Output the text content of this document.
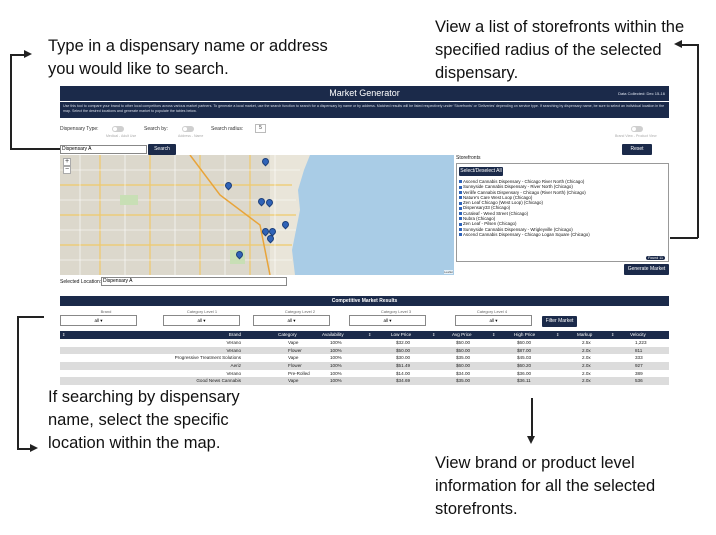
Type in a dispensary name or address you would like to search.
View a list of storefronts within the specified radius of the selected dispensary.
If searching by dispensary name, select the specific location within the map.
View brand or product level information for all the selected storefronts.
Market Generator	Data Collected: Dec 15-16
Use this tool to compare your brand to other local competitors across various market partners. To generate a local market, use the search function to search for a dispensary by name or by address. Matched results will be listed respectively under 'Storefronts' or 'Deliveries' depending on service type. If searching by dispensary name, be sure to select an individual location in the map. Select the desired locations and generate market to populate the tables below.
Dispensary Type:
Medical - Adult Use
Search by:
Address - Name
Search radius:	5
Brand View - Product View
Dispensary A	Search	Reset
+
−
Leaflet
Storefronts
Select/Deselect All
Ascend Cannabis Dispensary - Chicago River North (Chicago)
Sunnyside Cannabis Dispensary - River North (Chicago)
Verilife Cannabis Dispensary - Chicago (River North) (Chicago)
Nature's Care West Loop (Chicago)
Zen Leaf Chicago (West Loop) (Chicago)
Dispensary33 (Chicago)
Curaleaf - Weed Street (Chicago)
Nubra (Chicago)
Zen Leaf - Pilsen (Chicago)
Sunnyside Cannabis Dispensary - Wrigleyville (Chicago)
Ascend Cannabis Dispensary - Chicago Logan Square (Chicago)
Found 11
Generate Market
Selected Location: Dispensary A
Competitive Market Results
Brand
all ▾
Category Level 1
all ▾
Category Level 2
all ▾
Category Level 3
all ▾
Category Level 4
all ▾	Filter Market
⇕	Brand	Category	Availability	⇕	Low Price	⇕	Avg Price	⇕	High Price	⇕	Markup	⇕	Velocity
Verano	Vape	100%	$32.00	$50.00	$60.00	2.5x	1,223
Verano	Flower	100%	$50.00	$50.00	$87.00	2.0x	811
Progressive Treatment Solutions	Vape	100%	$30.00	$35.00	$45.03	2.0x	333
Aeriz	Flower	100%	$51.49	$60.00	$60.20	2.0x	927
Verano	Pre-Rolled	100%	$14.00	$34.00	$36.00	2.0x	389
Good News Cannabis	Vape	100%	$34.69	$35.00	$36.11	2.0x	536
